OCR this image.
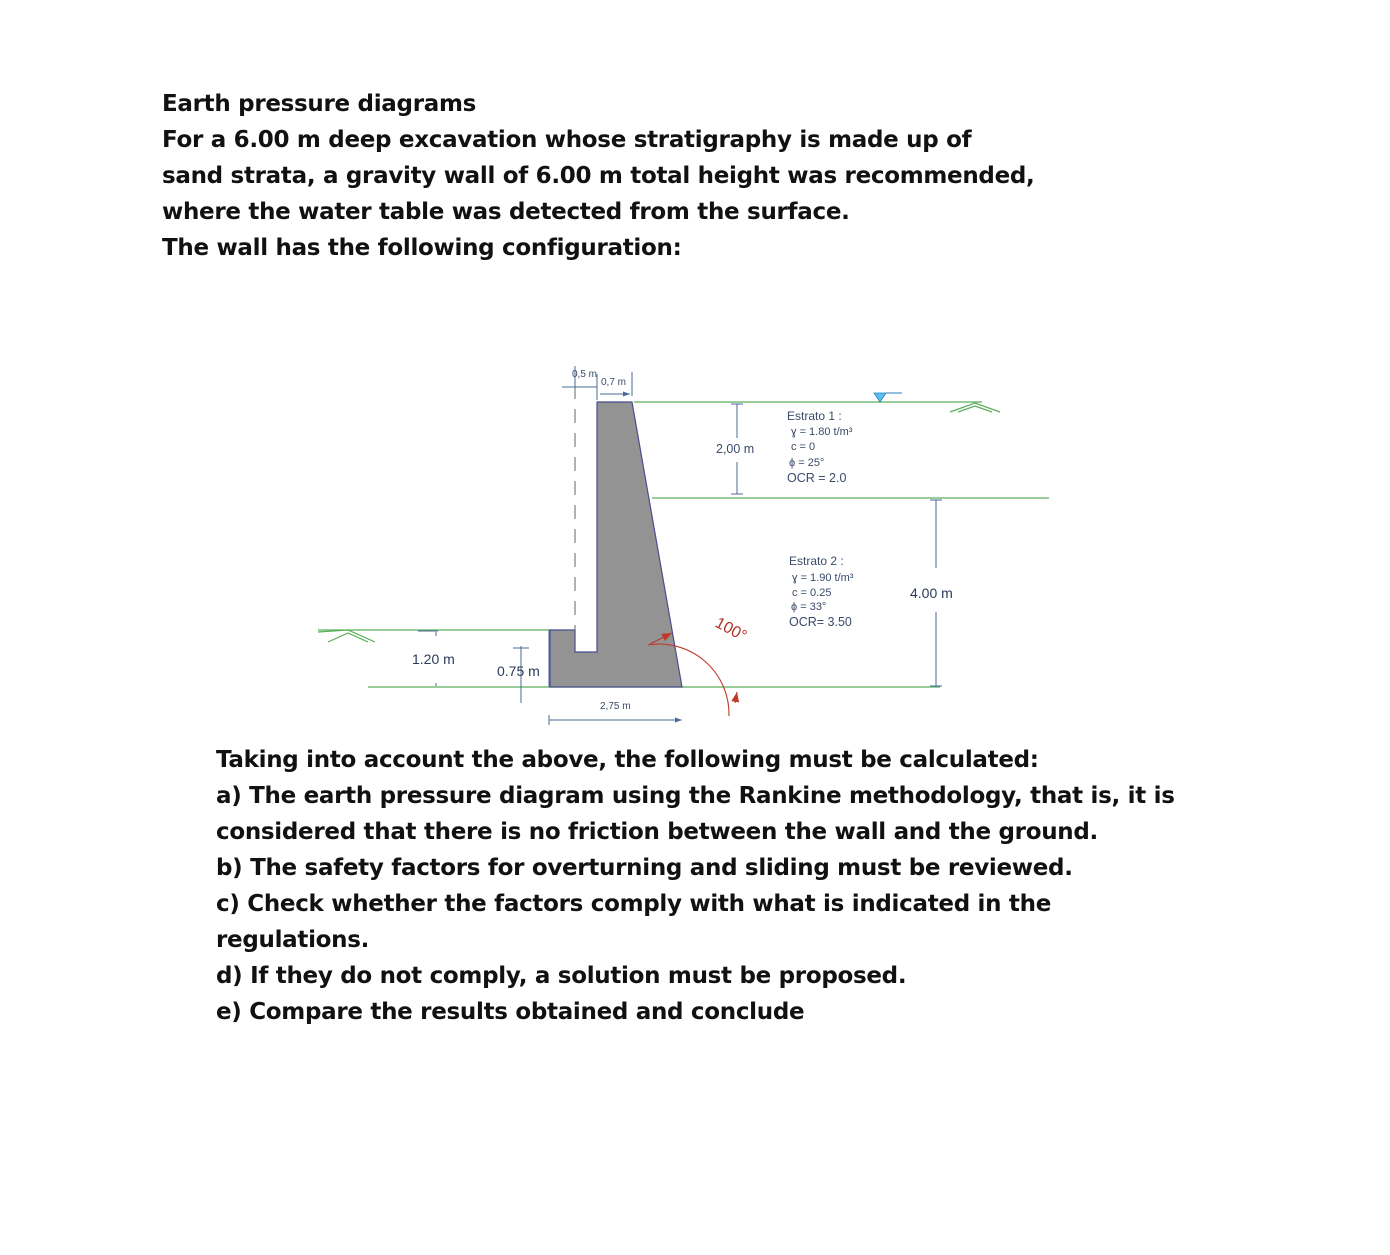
Earth pressure diagrams
For a 6.00 m deep excavation whose stratigraphy is made up of
sand strata, a gravity wall of 6.00 m total height was recommended,
where the water table was detected from the surface.
The wall has the following configuration:
0,5 m
0,7 m
2,00 m
Estrato 1 :
ɣ = 1.80 t/m³
c = 0
ϕ = 25°
OCR = 2.0
Estrato 2 :
ɣ = 1.90 t/m³
c = 0.25
ϕ = 33°
OCR= 3.50
4.00 m
1.20 m
0.75 m
2,75 m
100°
Taking into account the above, the following must be calculated:
a) The earth pressure diagram using the Rankine methodology, that is, it is
considered that there is no friction between the wall and the ground.
b) The safety factors for overturning and sliding must be reviewed.
c) Check whether the factors comply with what is indicated in the
regulations.
d) If they do not comply, a solution must be proposed.
e) Compare the results obtained and conclude
